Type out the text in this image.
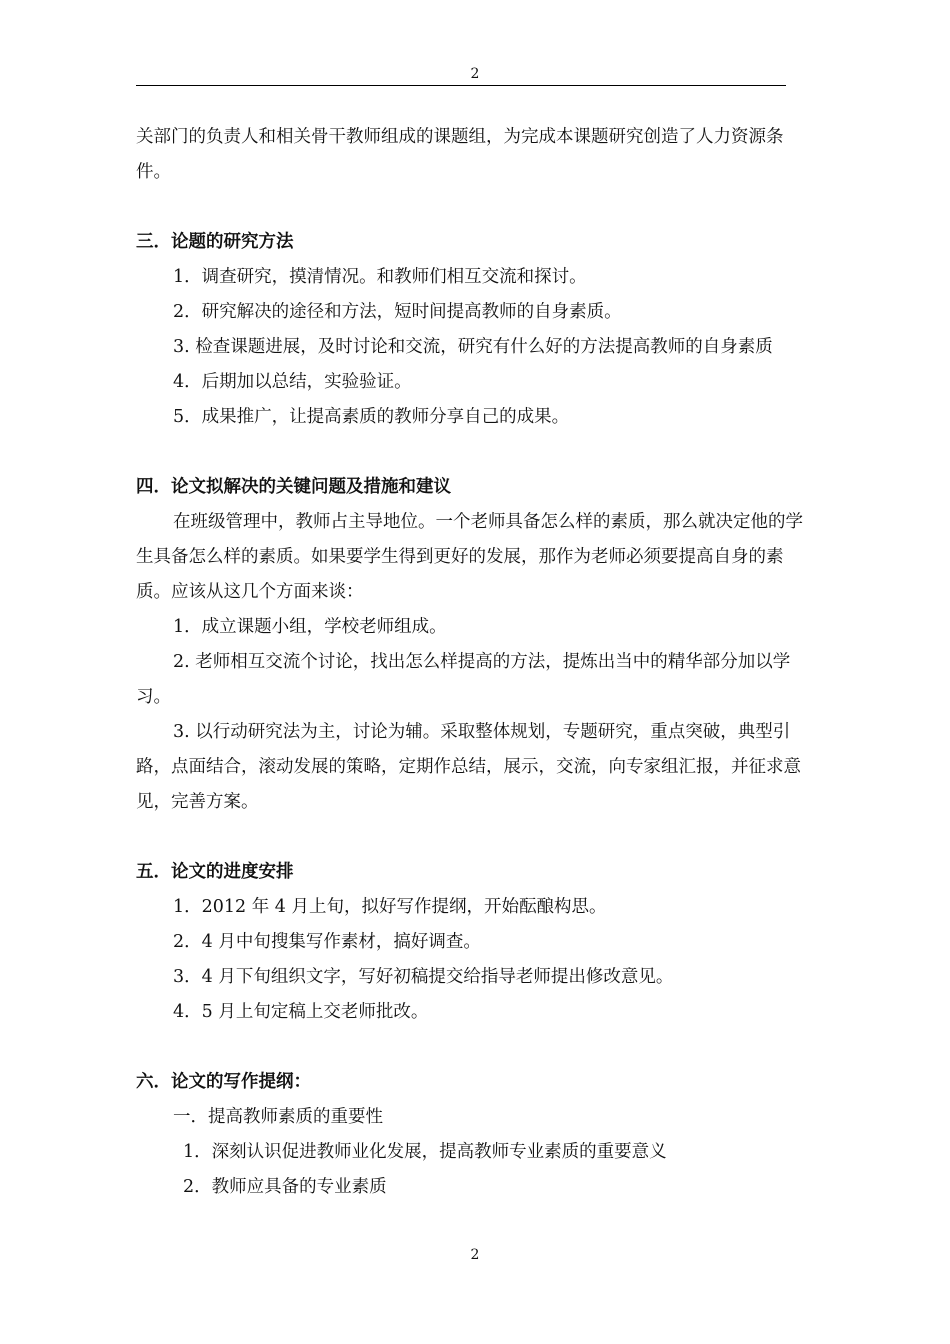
2

关部门的负责人和相关骨干教师组成的课题组，为完成本课题研究创造了人力资源条件。

三．论题的研究方法

1．调查研究，摸清情况。和教师们相互交流和探讨。

2．研究解决的途径和方法，短时间提高教师的自身素质。

3. 检查课题进展，及时讨论和交流，研究有什么好的方法提高教师的自身素质

4．后期加以总结，实验验证。

5．成果推广，让提高素质的教师分享自己的成果。

四．论文拟解决的关键问题及措施和建议

在班级管理中，教师占主导地位。一个老师具备怎么样的素质，那么就决定他的学生具备怎么样的素质。如果要学生得到更好的发展，那作为老师必须要提高自身的素质。应该从这几个方面来谈：

1．成立课题小组，学校老师组成。

2. 老师相互交流个讨论，找出怎么样提高的方法，提炼出当中的精华部分加以学习。

3. 以行动研究法为主，讨论为辅。采取整体规划，专题研究，重点突破，典型引路，点面结合，滚动发展的策略，定期作总结，展示，交流，向专家组汇报，并征求意见，完善方案。

五．论文的进度安排

1．2012 年 4 月上旬，拟好写作提纲，开始酝酿构思。

2．4 月中旬搜集写作素材，搞好调查。

3．4 月下旬组织文字，写好初稿提交给指导老师提出修改意见。

4．5 月上旬定稿上交老师批改。

六．论文的写作提纲：

一．提高教师素质的重要性

1．深刻认识促进教师业化发展，提高教师专业素质的重要意义

2．教师应具备的专业素质

2
